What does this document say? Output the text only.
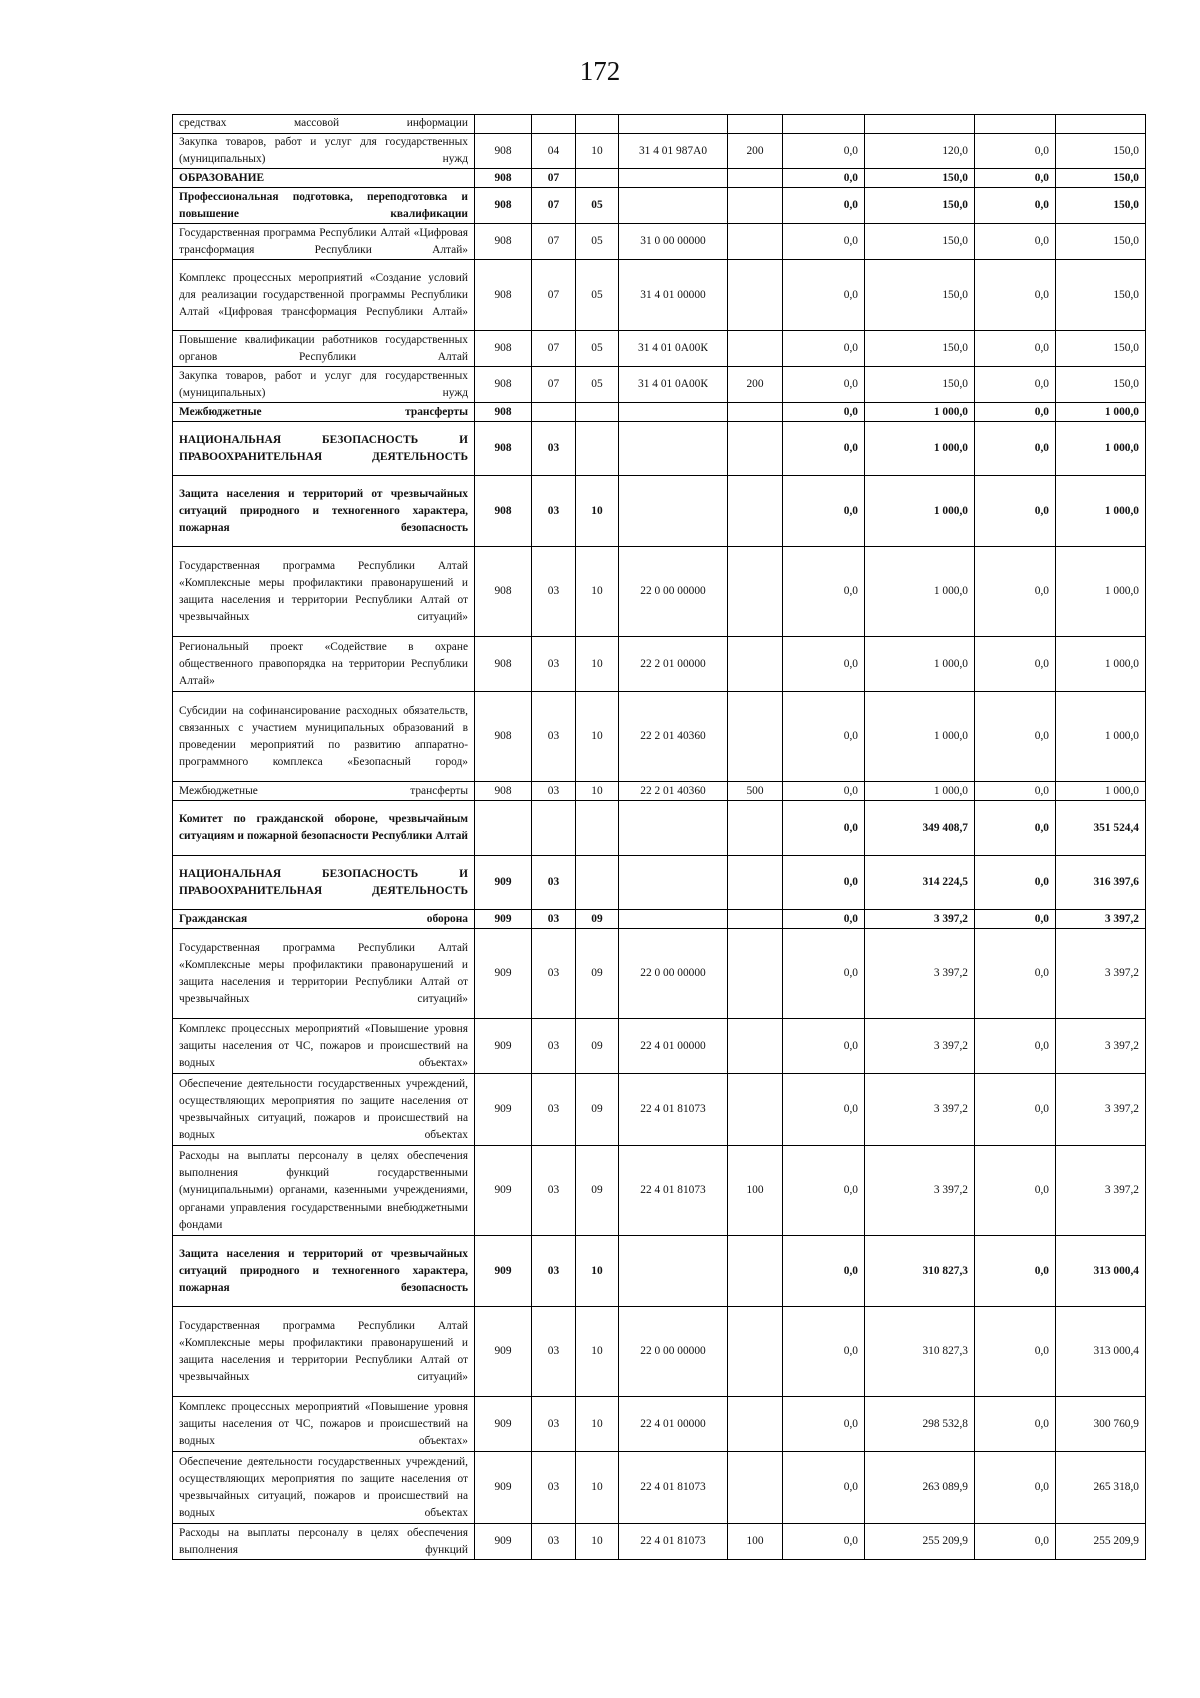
172
средствах массовой информации									
Закупка товаров, работ и услуг для государственных (муниципальных) нужд	908	04	10	31 4 01 987А0	200	0,0	120,0	0,0	150,0
ОБРАЗОВАНИЕ	908	07				0,0	150,0	0,0	150,0
Профессиональная подготовка, переподготовка и повышение квалификации	908	07	05			0,0	150,0	0,0	150,0
Государственная программа Республики Алтай «Цифровая трансформация Республики Алтай»	908	07	05	31 0 00 00000		0,0	150,0	0,0	150,0
Комплекс процессных мероприятий «Создание условий для реализации государственной программы Республики Алтай «Цифровая трансформация Республики Алтай»	908	07	05	31 4 01 00000		0,0	150,0	0,0	150,0
Повышение квалификации работников государственных органов Республики Алтай	908	07	05	31 4 01 0А00К		0,0	150,0	0,0	150,0
Закупка товаров, работ и услуг для государственных (муниципальных) нужд	908	07	05	31 4 01 0А00К	200	0,0	150,0	0,0	150,0
Межбюджетные трансферты	908					0,0	1 000,0	0,0	1 000,0
НАЦИОНАЛЬНАЯ БЕЗОПАСНОСТЬ И ПРАВООХРАНИТЕЛЬНАЯ ДЕЯТЕЛЬНОСТЬ	908	03				0,0	1 000,0	0,0	1 000,0
Защита населения и территорий от чрезвычайных ситуаций природного и техногенного характера, пожарная безопасность	908	03	10			0,0	1 000,0	0,0	1 000,0
Государственная программа Республики Алтай «Комплексные меры профилактики правонарушений и защита населения и территории Республики Алтай от чрезвычайных ситуаций»	908	03	10	22 0 00 00000		0,0	1 000,0	0,0	1 000,0
Региональный проект «Содействие в охране общественного правопорядка на территории Республики Алтай»	908	03	10	22 2 01 00000		0,0	1 000,0	0,0	1 000,0
Субсидии на софинансирование расходных обязательств, связанных с участием муниципальных образований в проведении мероприятий по развитию аппаратно-программного комплекса «Безопасный город»	908	03	10	22 2 01 40360		0,0	1 000,0	0,0	1 000,0
Межбюджетные трансферты	908	03	10	22 2 01 40360	500	0,0	1 000,0	0,0	1 000,0
Комитет по гражданской обороне, чрезвычайным ситуациям и пожарной безопасности Республики Алтай						0,0	349 408,7	0,0	351 524,4
НАЦИОНАЛЬНАЯ БЕЗОПАСНОСТЬ И ПРАВООХРАНИТЕЛЬНАЯ ДЕЯТЕЛЬНОСТЬ	909	03				0,0	314 224,5	0,0	316 397,6
Гражданская оборона	909	03	09			0,0	3 397,2	0,0	3 397,2
Государственная программа Республики Алтай «Комплексные меры профилактики правонарушений и защита населения и территории Республики Алтай от чрезвычайных ситуаций»	909	03	09	22 0 00 00000		0,0	3 397,2	0,0	3 397,2
Комплекс процессных мероприятий «Повышение уровня защиты населения от ЧС, пожаров и происшествий на водных объектах»	909	03	09	22 4 01 00000		0,0	3 397,2	0,0	3 397,2
Обеспечение деятельности государственных учреждений, осуществляющих мероприятия по защите населения от чрезвычайных ситуаций, пожаров и происшествий на водных объектах	909	03	09	22 4 01 81073		0,0	3 397,2	0,0	3 397,2
Расходы на выплаты персоналу в целях обеспечения выполнения функций государственными (муниципальными) органами, казенными учреждениями, органами управления государственными внебюджетными фондами	909	03	09	22 4 01 81073	100	0,0	3 397,2	0,0	3 397,2
Защита населения и территорий от чрезвычайных ситуаций природного и техногенного характера, пожарная безопасность	909	03	10			0,0	310 827,3	0,0	313 000,4
Государственная программа Республики Алтай «Комплексные меры профилактики правонарушений и защита населения и территории Республики Алтай от чрезвычайных ситуаций»	909	03	10	22 0 00 00000		0,0	310 827,3	0,0	313 000,4
Комплекс процессных мероприятий «Повышение уровня защиты населения от ЧС, пожаров и происшествий на водных объектах»	909	03	10	22 4 01 00000		0,0	298 532,8	0,0	300 760,9
Обеспечение деятельности государственных учреждений, осуществляющих мероприятия по защите населения от чрезвычайных ситуаций, пожаров и происшествий на водных объектах	909	03	10	22 4 01 81073		0,0	263 089,9	0,0	265 318,0
Расходы на выплаты персоналу в целях обеспечения выполнения функций	909	03	10	22 4 01 81073	100	0,0	255 209,9	0,0	255 209,9
